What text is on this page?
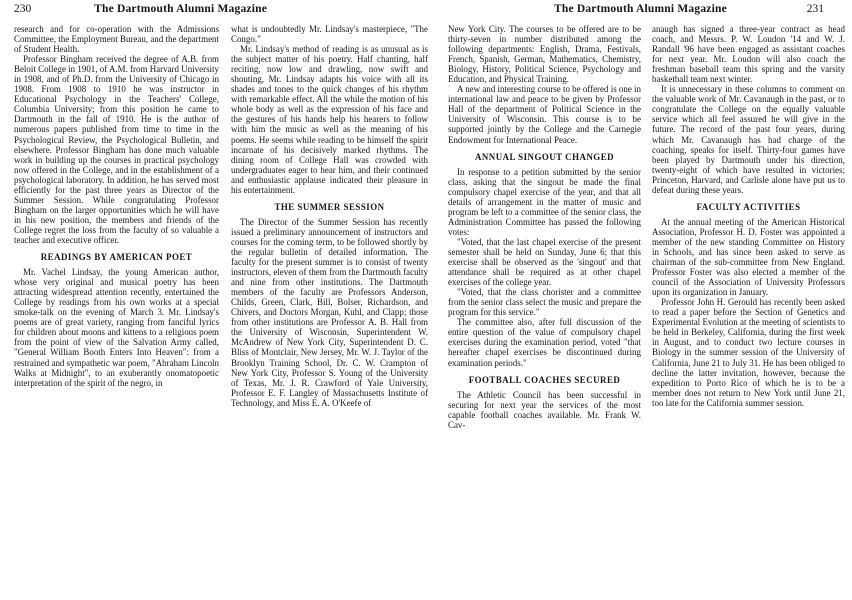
230	The Dartmouth Alumni Magazine	The Dartmouth Alumni Magazine	231

research and for co-operation with the Admissions Committee, the Employment Bureau, and the department of Student Health.

Professor Bingham received the degree of A.B. from Beloit College in 1901, of A.M. from Harvard University in 1908, and of Ph.D. from the University of Chicago in 1908. From 1908 to 1910 he was instructor in Educational Psychology in the Teachers' College, Columbia University; from this position he came to Dartmouth in the fall of 1910. He is the author of numerous papers published from time to time in the Psychological Review, the Psychological Bulletin, and elsewhere. Professor Bingham has done much valuable work in building up the courses in practical psychology now offered in the College, and in the establishment of a psychological laboratory. In addition, he has served most efficiently for the past three years as Director of the Summer Session. While congratulating Professor Bingham on the larger opportunities which he will have in his new position, the members and friends of the College regret the loss from the faculty of so valuable a teacher and executive officer.

READINGS BY AMERICAN POET

Mr. Vachel Lindsay, the young American author, whose very original and musical poetry has been attracting widespread attention recently, entertained the College by readings from his own works at a special smoke-talk on the evening of March 3. Mr. Lindsay's poems are of great variety, ranging from fanciful lyrics for children about moons and kittens to a religious poem from the point of view of the Salvation Army called, "General William Booth Enters Into Heaven": from a restrained and sympathetic war poem, "Abraham Lincoln Walks at Midnight", to an exuberantly onomatopoetic interpretation of the spirit of the negro, in

what is undoubtedly Mr. Lindsay's masterpiece, "The Congo."

Mr. Lindsay's method of reading is as unusual as is the subject matter of his poetry. Half chanting, half reciting, now low and drawling, now swift and shouting, Mr. Lindsay adapts his voice with all its shades and tones to the quick changes of his rhythm with remarkable effect. All the while the motion of his whole body as well as the expression of his face and the gestures of his hands help his hearers to follow with him the music as well as the meaning of his poems. He seems while reading to be himself the spirit incarnate of his decisively marked rhythms. The dining room of College Hall was crowded with undergraduates eager to hear him, and their continued and enthusiastic applause indicated their pleasure in his entertainment.

THE SUMMER SESSION

The Director of the Summer Session has recently issued a preliminary announcement of instructors and courses for the coming term, to be followed shortly by the regular bulletin of detailed information. The faculty for the present summer is to consist of twenty instructors, eleven of them from the Dartmouth faculty and nine from other institutions. The Dartmouth members of the faculty are Professors Anderson, Childs, Green, Clark, Bill, Bolser, Richardson, and Chivers, and Doctors Morgan, Kuhl, and Clapp; those from other institutions are Professor A. B. Hall from the University of Wisconsin, Superintendent W. McAndrew of New York City, Superintendent D. C. Bliss of Montclair, New Jersey, Mr. W. J. Taylor of the Brooklyn Training School, Dr. C. W. Crampton of New York City, Professor S. Young of the University of Texas, Mr. J. R. Crawford of Yale University, Professor E. F. Langley of Massachusetts Institute of Technology, and Miss E. A. O'Keefe of

New York City. The courses to be offered are to be thirty-seven in number distributed among the following departments: English, Drama, Festivals, French, Spanish, German, Mathematics, Chemistry, Biology, History, Political Science, Psychology and Education, and Physical Training.

A new and interesting course to be offered is one in international law and peace to be given by Professor Hall of the department of Political Science in the University of Wisconsin. This course is to be supported jointly by the College and the Carnegie Endowment for International Peace.

ANNUAL SINGOUT CHANGED

In response to a petition submitted by the senior class, asking that the singout be made the final compulsory chapel exercise of the year, and that all details of arrangement in the matter of music and program be left to a committee of the senior class, the Administration Committee has passed the following votes:

"Voted, that the last chapel exercise of the present semester shall be held on Sunday, June 6; that this exercise shall be observed as the 'singout' and that attendance shall be required as at other chapel exercises of the college year.

"Voted, that the class chorister and a committee from the senior class select the music and prepare the program for this service."

The committee also, after full discussion of the entire question of the value of compulsory chapel exercises during the examination period, voted "that hereafter chapel exercises be discontinued during examination periods."

FOOTBALL COACHES SECURED

The Athletic Council has been successful in securing for next year the services of the most capable football coaches available. Mr. Frank W. Cav-

anaugh has signed a three-year contract as head coach, and Messrs. P. W. Loudon '14 and W. J. Randall '96 have been engaged as assistant coaches for next year. Mr. Loudon will also coach the freshman baseball team this spring and the varsity basketball team next winter.

It is unnecessary in these columns to comment on the valuable work of Mr. Cavanaugh in the past, or to congratulate the College on the equally valuable service which all feel assured he will give in the future. The record of the past four years, during which Mr. Cavanaugh has had charge of the coaching, speaks for itself. Thirty-four games have been played by Dartmouth under his direction, twenty-eight of which have resulted in victories; Princeton, Harvard, and Carlisle alone have put us to defeat during these years.

FACULTY ACTIVITIES

At the annual meeting of the American Historical Association, Professor H. D. Foster was appointed a member of the new standing Committee on History in Schools, and has since been asked to serve as chairman of the sub-committee from New England. Professor Foster was also elected a member of the council of the Association of University Professors upon its organization in January.

Professor John H. Gerould has recently been asked to read a paper before the Section of Genetics and Experimental Evolution at the meeting of scientists to be held in Berkeley, California, during the first week in August, and to conduct two lecture courses in Biology in the summer session of the University of California, June 21 to July 31. He has been obliged to decline the latter invitation, however, because the expedition to Porto Rico of which he is to be a member does not return to New York until June 21, too late for the California summer session.
